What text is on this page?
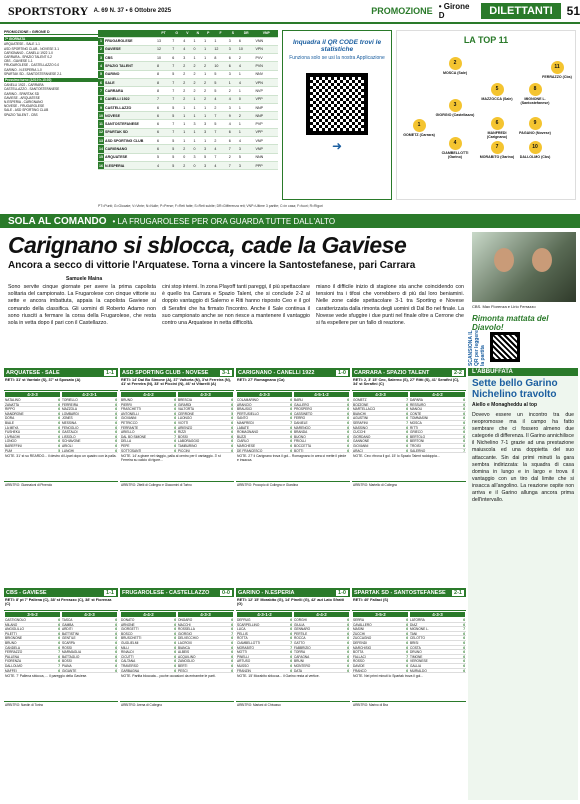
SPORTSTORY A. 69 N. 37 • 6 Ottobre 2025	PROMOZIONE • Girone D	DILETTANTI	51
PROMOZIONE • GIRONE D
7ª GIORNATA
ARQUATESE - SALE 1-1
ASD SPORTING CLUB - NOVESE 3-1
CARIGNANO - CANELLI 1922 1-0
CARRARA - SPAZIO TALENT 0-2
CBS - GAVIESE 1-1
FRUGAROLESE - CASTELLAZZO 0-0
GARINO - N.ESPERIA 1-0
SPARTAK SD - SANTOSTEFANESE 2-1
Prossimo turno (12/10 h.15:30)
CANELLI 1922 - CARRARA
CASTELLAZZO - SANTOSTEFANESE
GARINO - SPARTAK SD
GAVIESE - ARQUATESE
N.ESPERIA - CARIGNANO
NOVESE - FRUGAROLESE
SALE - ASD SPORTING CLUB
SPAZIO TALENT - CBS
		PT	G	V	N	P	F	S	DR	VNP
1	FRUGAROLESE	13	7	4	1	1	1	3	6	VNN
2	GAVIESE	12	7	4	0	1	12	3	10	VPN
3	CBS	10	6	3	1	1	8	6	2	PVV
4	SPAZIO TALENT	8	7	2	2	2	10	6	4	PVN
5	GARINO	8	5	2	2	1	5	3	1	NNV
6	SALE	8	7	2	2	2	5	1	4	VPN
7	CARRARA	8	7	2	2	2	5	2	1	NVP
8	CANELLI 1922	7	7	2	1	2	4	4	0	VPP
9	CASTELLAZZO	6	5	1	1	1	2	3	1	NNP
10	NOVESE	6	5	1	1	1	7	9	2	NNP
11	SANTOSTEFANESE	6	7	1	3	3	5	4	1	PVP
12	SPARTAK SD	6	7	1	1	3	7	6	1	VPP
13	ASD SPORTING CLUB	6	5	1	1	1	2	6	4	VNP
14	CARIGNANO	6	5	2	0	3	4	7	3	VNP
15	ARQUATESE	5	5	0	3	5	7	2	5	NNN
16	N.ESPERIA	4	5	2	0	3	4	7	3	PPP
Inquadra il QR CODE trovi le statistiche
Funziona solo se usi la nostra Applicazione
➜
LA TOP 11
1
GOMETZ (Carrara)
2
MOSCA (Sale)
3
GIORGIO (Castellazzo)
4
CIAMBELLOTTI (Garino)
5
MAZZOCCA (Sale)
6
MANFREDI (Carignano)
7
MORABITO (Garino)
8
MIGNONE L. (Santostefanese)
9
PAGANO (Novese)
10
DALLOLMO (Cbs)
11
FERRAZZO (Cbs)
PT=Punti; G=Giocate; V=Vinte; N=Nulle; P=Perse; F=Reti fatte; S=Reti subite; DR=Differenza reti; VNP=Ultime 3 partite; C=in casa; F=fuori; R=Rigori
SOLA AL COMANDO • LA FRUGAROLESE PER ORA GUARDA TUTTE DALL'ALTO
Carignano si sblocca, cade la Gaviese
Ancora a secco di vittorie l'Arquatese. Torna a vincere la Santostefanese, pari Carrara
Samuele Maina
Sono servite cinque giornate per avere la prima capolista solitaria del campionato. La Frugarolese con cinque vittorie su sette e ancora imbattuta, appaia la capolista Gaviese al comando della classifica. Gli uomini di Roberto Adamo non sono riusciti a fermare la corsa della Frugarolese, che resta sola in vetta dopo il pari con il Castellazzo.
cini stop interni. In zona Playoff tanti pareggi, il più spettacolare è quello tra Carrara e Spazio Talent, che si conclude 2-2 al doppio vantaggio di Salerno e Riti hanno risposto Ceo e il gol di Serafini che ha firmato l'incontro. Anche il Sale continua il suo campionato anche se non riesce a mantenere il vantaggio contro una Arquatese in netta difficoltà.
miano il difficile inizio di stagione sta anche coincidendo con tensioni tra i tifosi che vorrebbero di più dal loro beniamini. Nelle zone calde spettacolare 3-1 tra Sporting e Novese caratterizzata dalla rimonta degli uomini di Dal Bo nel finale. La Novese vede sfuggire i due punti nel finale oltre a Cerrone che si fa espellere per un fallo di reazione.
CBS. Max Fiorenza e Lirio Ferrazzo
Rimonta mattata del Diavolo!
SCANSIONA IL QR per leggere la partita
ARQUATESE - SALE	1-1
RETI: 31' st Varriale (S), 37' st Sposato (A)
4-3-3
NATALINO	6
ZANATTA	6
RIPPO	6
MANDRONE	6
DORA	6
BIALE	6
LA MEYA	6
FUSHEKU	6
LIVRAGHI	6
LONGO	6
BAREFFINI	6
PUM	5
4-2-3-1
TORIELLO	6
FERREIRA	6
MAZZOLA	6
LOMBARDI	6
JONES	6
MESSINA	6
FENOGLIO	6
GASTALDI	6
LISSOLO	6
SCHIAVONE	6
ARIOLI	6
LUNGHI	6
NOTE. 31' st su REARDO... il destro di Lipari dopo un quadro con la palla.
ARBITRO: Giannaioni di Pinerolo
ASD SPORTING CLUB - NOVESE	3-1
RETI: 14' Dal Bo Simone (A), 37' Valtorta (N), 3'st Ferreira (N), 41' st Ferreira (N), 33' st Piccini (N), 46' st Vitarelli (A)
4-4-2
BRUNO	6
PIERRI	6
FRASCHETTI	6
ANTONELLI	6
GIOVANNI	6
PETRICCO	6
FERRANTE	6
ARIELLO	6
DAL BO SIMONE	7
DELLA	6
PEPE	6
SOTTOSANTI	6
4-3-3
BRESCIA	6
GIRARDI	6
VALTORTA	6
CERRONE	5
LUONGO	6
VIOTTI	6
ARIENZO	6
RIZZI	6
BOSSI	6
LABORAGGIO	6
TAMBURINO	6
PICCINI	6
NOTE. 14' a girare nel riaggio, palla al centro per il vantaggio. 3' st Ferreira su calcio di rigore...
ARBITRO: Zitelli di Collegno e Giacomini di Torino
CARIGNANO - CANELLI 1922	1-0
RETI: 27' Romagnano (Ca)
4-3-3
COLAMARINO	6
ARANCIO	6
BRAUSICI	6
PERTUSIELLO	6
SANTO	6
MANFREDI	7
LABATE	6
ROMAGNANO	6
BUZZI	6
CIARLO	6
MARCHESE	6
DE FRANCESCO	6
4-5-1-2
BARLI	6
GALLERO	6
PROSPERO	6
CASSINETO	6
FERRO	6
DANIELE	6
MARENGO	6
BRANDA	6
BUONO	6
FRIOLLI	6
BOCCETTA	6
BOTTI	6
NOTE. 27' il Carignano trova il gol... Romagnano in area ci mette il piede e insacca.
ARBITRO: Procopio di Collegno e Giardina
CARRARA - SPAZIO TALENT	2-2
RETI: 2, 3' 15' Ceo, Salerno (S), 27' Ritti (S), 41' Serafini (C), 34' st Serafini (C)
4-3-3
GOMETZ	7
BOZZONE	6
MARTELLACCI	6
BIANCHI	6
AGUSTINI	6
SERAFINI	7
MASSINO	6
CUCCHI	6
GIORDANO	6
GANNONE	6
GIOVANNI	6
ARACI	6
4-4-2
DAPARA	6
RESSURO	6
MANOLI	6
CONTE	6
TOMMASINI	6
MOSCA	6
RITTI	6
GRIECO	6
BERTOLO	6
BERTONI	6
TROISI	6
SALERNO	7
NOTE. Ceo: ritrova il gol. 15' lo Spazio Talent raddoppia...
ARBITRO: Martello di Collegno
CBS - GAVIESE	1-1
RETI: 8' pt 7' Pallena (C), 38' st Ferrazzo (C), 38' st Fiorenza (C)
3-5-2
CASTIGNOLO	6
MILANO	6
ANGIOLILLO	6
PILETTI	6
BRIGNONE	6
BRUNO	6
CANDELA	6
FERRAZZO	7
PALLENA	6
FIORENZA	6
DALLOLMO	7
MAFFEI	6
4-3-3
TASCA	6
GAMBA	6
ARDITI	6
BATTISTINI	6
GENTILE	6
SCARPA	6
ROSSI	6
MARMAGLIA	6
BATTAGLIO	6
BOSSI	6
PIANA	6
GIGANTE	6
NOTE. 7' Pallena sblocca, ... il pareggio della Gaviese.
ARBITRO: Nardin di Torino
FRUGAROLESE - CASTELLAZZO	0-0
4-4-2
DONATO	6
ARNONE	6
GIORGETTI	6
BOSCO	6
BRUSCHETTI	6
GUGLIELMI	6
MILLI	6
RINALDI	6
CICUTTI	6
CALTANA	6
TRAVERSO	6
GARBAGNA	6
4-3-3
ONGARO	6
MACCHI	6
ROSSELLA	6
GIORGIO	7
DELVECCHIO	6
LACROIX	6
BIANCA	6
ALBEIS	6
ACQUILINO	6
ZANOGLIO	6
BERTI	6
PESCI	6
NOTE. Partita bloccata... poche occasioni da entrambe le parti.
ARBITRO: Arena di Collegno
GARINO - N.ESPERIA	1-0
RETI: 12' 15' Morabito (G), 14' Pinelli (G), 42' aut Lato Sfratti (G)
4-3-1-2
DEFRUG	6
SCARPELLINO	6
LUCA	6
PELLIS	6
ROTTA	6
CIAMBELLOTTI	7
MORABITO	7
MOTTI	6
PINELLI	6
ARTUSO	6
MUSSO	6
FRANZIN	6
4-4-2
CORGHI	6
GIULIA	6
GENNARO	6
PERTILE	6
ROCCA	6
GATTO	6
FABBRIZIO	6
TORRA	6
CAFAGNA	6
BRUNI	6
MONTERO	6
DATA	6
NOTE. 15' Morabito sblocca... il Garino resta al vertice.
ARBITRO: Mariani di Chivasso
SPARTAK SD - SANTOSTEFANESE	2-1
RETI: 40' Fallaci (S)
3-5-2
SERRA	6
CAVALLERO	6
MASINI	6
ZUCCHI	6
ZUCCAGNO	6
DEFENDI	6
MARCHISIO	6
BOTTA	6
FALLACI	7
ROSSO	6
DAVIDE	6
FRANCO	6
4-3-3
LATORRA	6
DIAZ	6
MIGNONE L.	7
TANI	6
CELOTTO	6
BRISI	6
COSTA	6
DRUNO	6
TIMONE	6
VERONESE	6
GALLIA	6
MURIALDO	6
NOTE. Nei primi minuti lo Spartak trova il gol...
ARBITRO: Marino di Bra
L'ABBUFFATA
Sette bello Garino Nichelino travolto
Aiello e Monagheddu al top
Dovevo essere un incontro tra due neopromosse ma il campo ha fatto sembrare che ci fossero almeno due categorie di differenza. Il Garino annichilisce il Nichelino 7-1 grazie ad una prestazione maiuscola ed una doppietta del suo attaccante. Sin dai primi minuti la gara sembra indirizzata: la squadra di casa domina in lungo e in largo e trova il vantaggio con un tiro dal limite che si insacca all'angolino. La reazione ospite non arriva e il Garino allunga ancora prima dell'intervallo.
